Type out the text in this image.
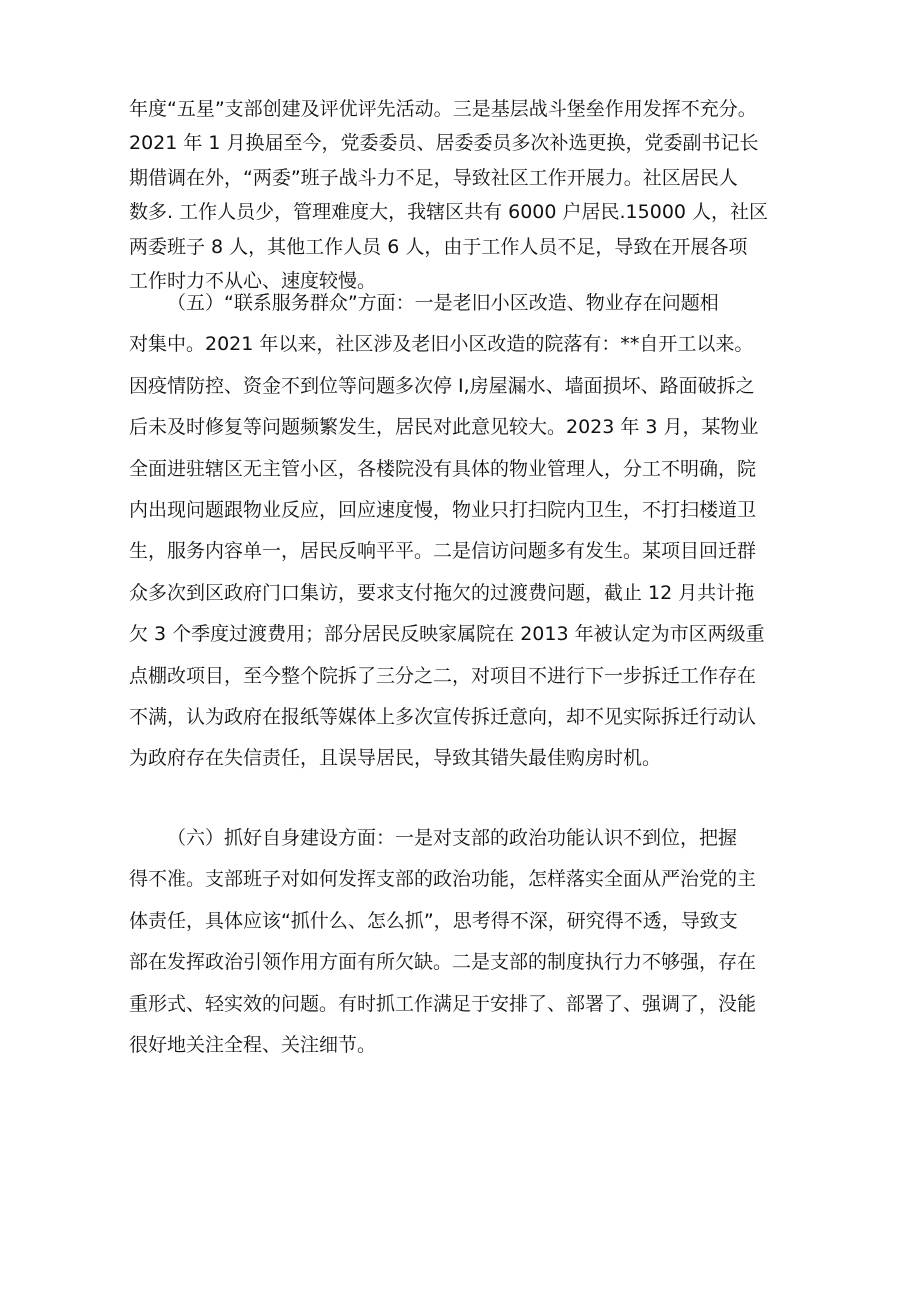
年度“五星”支部创建及评优评先活动。三是基层战斗堡垒作用发挥不充分。
2021 年 1 月换届至今，党委委员、居委委员多次补选更换，党委副书记长
期借调在外，“两委”班子战斗力不足，导致社区工作开展力。社区居民人
数多. 工作人员少，管理难度大，我辖区共有 6000 户居民.15000 人，社区
两委班子 8 人，其他工作人员 6 人，由于工作人员不足，导致在开展各项
工作时力不从心、速度较慢。
（五）“联系服务群众”方面：一是老旧小区改造、物业存在问题相
对集中。2021 年以来，社区涉及老旧小区改造的院落有：**自开工以来。
因疫情防控、资金不到位等问题多次停 I,房屋漏水、墙面损坏、路面破拆之
后未及时修复等问题频繁发生，居民对此意见较大。2023 年 3 月，某物业
全面进驻辖区无主管小区，各楼院没有具体的物业管理人，分工不明确，院
内出现问题跟物业反应，回应速度慢，物业只打扫院内卫生，不打扫楼道卫
生，服务内容单一，居民反响平平。二是信访问题多有发生。某项目回迁群
众多次到区政府门口集访，要求支付拖欠的过渡费问题，截止 12 月共计拖
欠 3 个季度过渡费用；部分居民反映家属院在 2013 年被认定为市区两级重
点棚改项目，至今整个院拆了三分之二，对项目不进行下一步拆迁工作存在
不满，认为政府在报纸等媒体上多次宣传拆迁意向，却不见实际拆迁行动认
为政府存在失信责任，且误导居民，导致其错失最佳购房时机。
（六）抓好自身建设方面：一是对支部的政治功能认识不到位，把握
得不准。支部班子对如何发挥支部的政治功能，怎样落实全面从严治党的主
体责任，具体应该“抓什么、怎么抓”，思考得不深，研究得不透，导致支
部在发挥政治引领作用方面有所欠缺。二是支部的制度执行力不够强，存在
重形式、轻实效的问题。有时抓工作满足于安排了、部署了、强调了，没能
很好地关注全程、关注细节。
